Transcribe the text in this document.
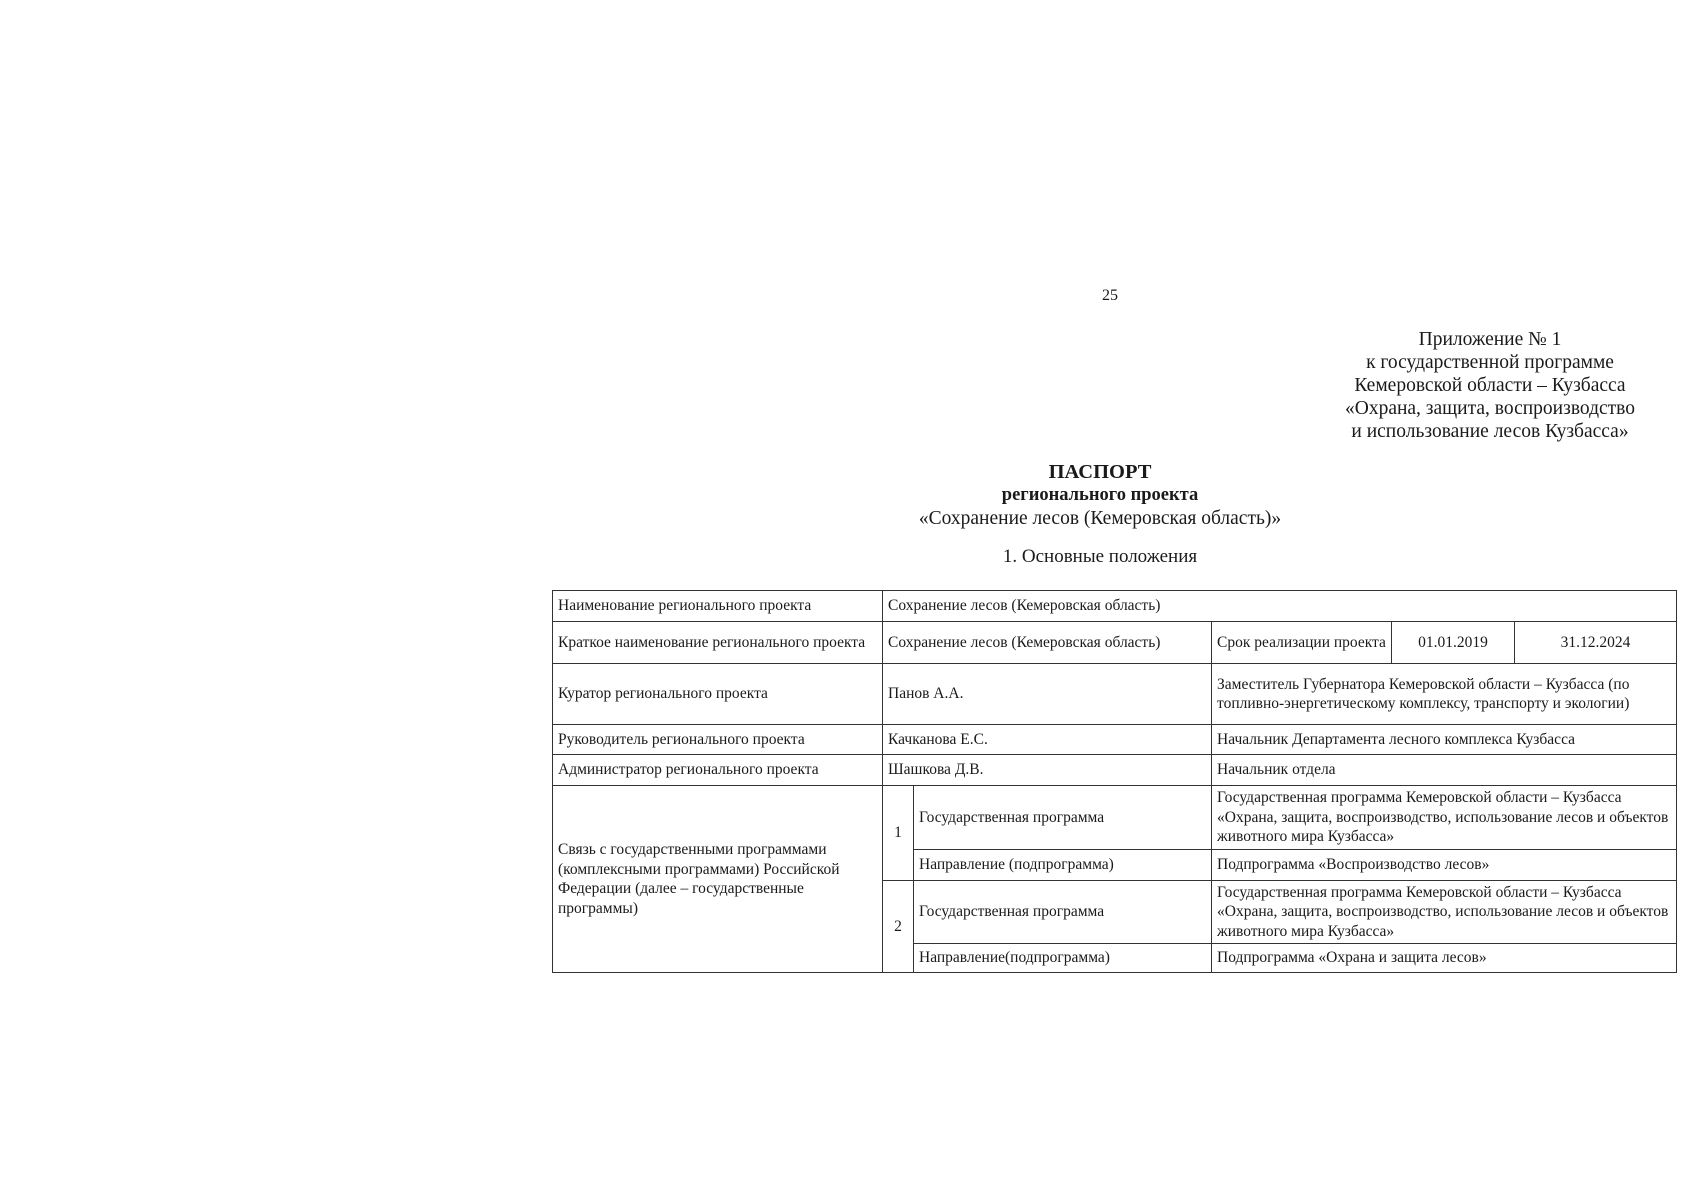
25
Приложение № 1
к государственной программе
Кемеровской области – Кузбасса
«Охрана, защита, воспроизводство
и использование лесов Кузбасса»
ПАСПОРТ
регионального проекта
«Сохранение лесов (Кемеровская область)»
1. Основные положения
Наименование регионального проекта	Сохранение лесов (Кемеровская область)				
Краткое наименование регионального проекта	Сохранение лесов (Кемеровская область)		Срок реализации проекта	01.01.2019	31.12.2024
Куратор регионального проекта	Панов А.А.		Заместитель Губернатора Кемеровской области – Кузбасса (по топливно-энергетическому комплексу, транспорту и экологии)		
Руководитель регионального проекта	Качканова Е.С.		Начальник Департамента лесного комплекса Кузбасса		
Администратор регионального проекта	Шашкова Д.В.		Начальник отдела		
Связь с государственными программами (комплексными программами) Российской Федерации (далее – государственные программы)	1	Государственная программа	Государственная программа Кемеровской области – Кузбасса «Охрана, защита, воспроизводство, использование лесов и объектов животного мира Кузбасса»		
		Направление (подпрограмма)	Подпрограмма «Воспроизводство лесов»		
	2	Государственная программа	Государственная программа Кемеровской области – Кузбасса «Охрана, защита, воспроизводство, использование лесов и объектов животного мира Кузбасса»		
		Направление(подпрограмма)	Подпрограмма «Охрана и защита лесов»		
